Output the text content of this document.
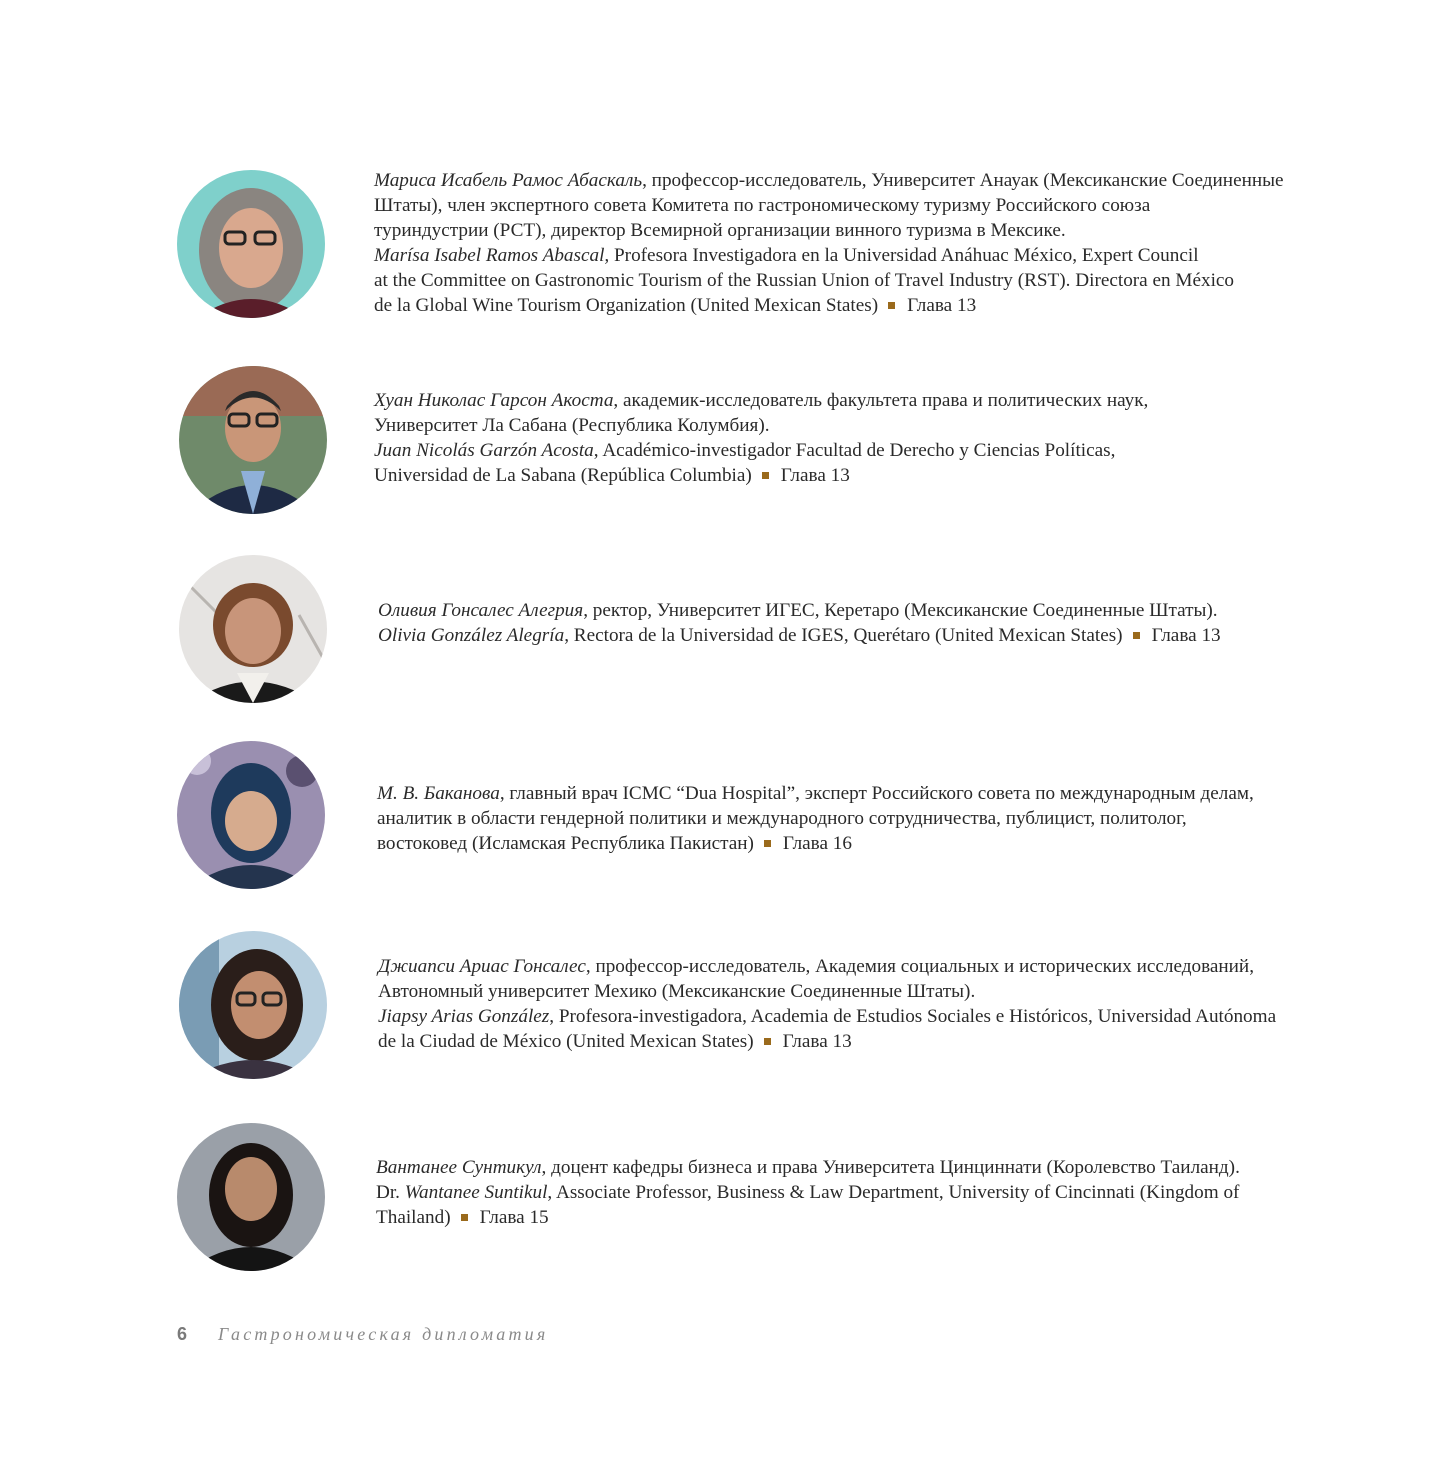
Мариса Исабель Рамос Абаскаль, профессор-исследователь, Университет Анауак (Мексиканские Соединенные
Штаты), член экспертного совета Комитета по гастрономическому туризму Российского союза
туриндустрии (РСТ), директор Всемирной организации винного туризма в Мексике.
Marísa Isabel Ramos Abascal, Profesora Investigadora en la Universidad Anáhuac México, Expert Council
at the Committee on Gastronomic Tourism of the Russian Union of Travel Industry (RST). Directora en México
de la Global Wine Tourism Organization (United Mexican States) Глава 13
Хуан Николас Гарсон Акоста, академик-исследователь факультета права и политических наук,
Университет Ла Сабана (Республика Колумбия).
Juan Nicolás Garzón Acosta, Académico-investigador Facultad de Derecho y Ciencias Políticas,
Universidad de La Sabana (República Columbia) Глава 13
Оливия Гонсалес Алегрия, ректор, Университет ИГЕС, Керетаро (Мексиканские Соединенные Штаты).
Olivia González Alegría, Rectora de la Universidad de IGES, Querétaro (United Mexican States) Глава 13
М. В. Баканова, главный врач ICMC “Dua Hospital”, эксперт Российского совета по международным делам,
аналитик в области гендерной политики и международного сотрудничества, публицист, политолог,
востоковед (Исламская Республика Пакистан) Глава 16
Джиапси Ариас Гонсалес, профессор-исследователь, Академия социальных и исторических исследований,
Автономный университет Мехико (Мексиканские Соединенные Штаты).
Jiapsy Arias González, Profesora-investigadora, Academia de Estudios Sociales e Históricos, Universidad Autónoma
de la Ciudad de México (United Mexican States) Глава 13
Вантанее Сунтикул, доцент кафедры бизнеса и права Университета Цинциннати (Королевство Таиланд).
Dr. Wantanee Suntikul, Associate Professor, Business & Law Department, University of Cincinnati (Kingdom of
Thailand) Глава 15
6 Гастрономическая дипломатия
